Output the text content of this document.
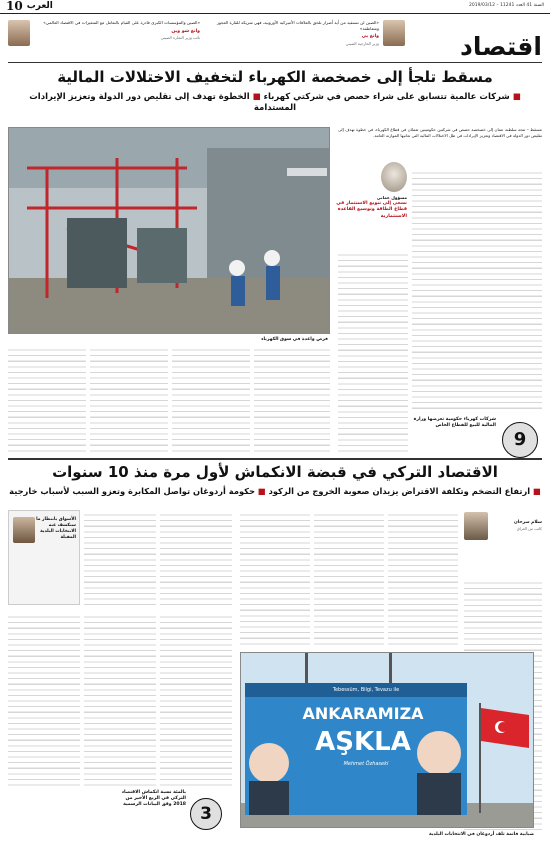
السنة 41 العدد 11241 – 2019/03/12
العرب
10
اقتصاد
«الصين لن تستفيد من أية أضرار تلحق بالعلاقات الأميركية الأوروبية، فهي شريكة للقارة العجوز ومتعاطفة»
وانغ يي
وزير الخارجية الصيني
«الصين والمؤسسات الكبرى قادرة على القيام بالتعامل مع المتغيرات في الاقتصاد العالمي»
وانغ شو وين
نائب وزير التجارة الصيني
مسقط تلجأ إلى خصخصة الكهرباء لتخفيف الاختلالات المالية
■ شركات عالمية تتسابق على شراء حصص في شركتي كهرباء ■ الخطوة تهدف إلى تقليص دور الدولة وتعزيز الإيرادات المستدامة
فرص واعدة في سوق الكهرباء
مسقط – تتجه سلطنة عمان إلى خصخصة حصص في شركتين حكوميتين تعملان في قطاع الكهرباء، في خطوة تهدف إلى تقليص دور الدولة في الاقتصاد وتعزيز الإيرادات في ظل الاختلالات المالية التي تعانيها الموازنة العامة.
مسؤول عماني
نسعى إلى تنويع الاستثمار في قطاع الطاقة وتوسيع القاعدة الاستثمارية
شركات كهرباء حكومية تعرضها وزارة المالية للبيع للقطاع الخاص
9
الاقتصاد التركي في قبضة الانكماش لأول مرة منذ 10 سنوات
■ ارتفاع التضخم وتكلفة الاقتراض يزيدان صعوبة الخروج من الركود ■ حكومة أردوغان تواصل المكابرة وتعزو السبب لأسباب خارجية
سلام سرحان
كاتب من العراق
الأسواق بانتظار ما ستكشف عنه الانتخابات البلدية المقبلة
Tebessüm, Bilgi, Tevazu ile
ANKARAMIZA
AŞKLA
Mehmet Özhaseki
ضبابية قاتمة تلف أردوغان في الانتخابات البلدية
بالمئة نسبة انكماش الاقتصاد التركي في الربع الأخير من 2018 وفق البيانات الرسمية 3
